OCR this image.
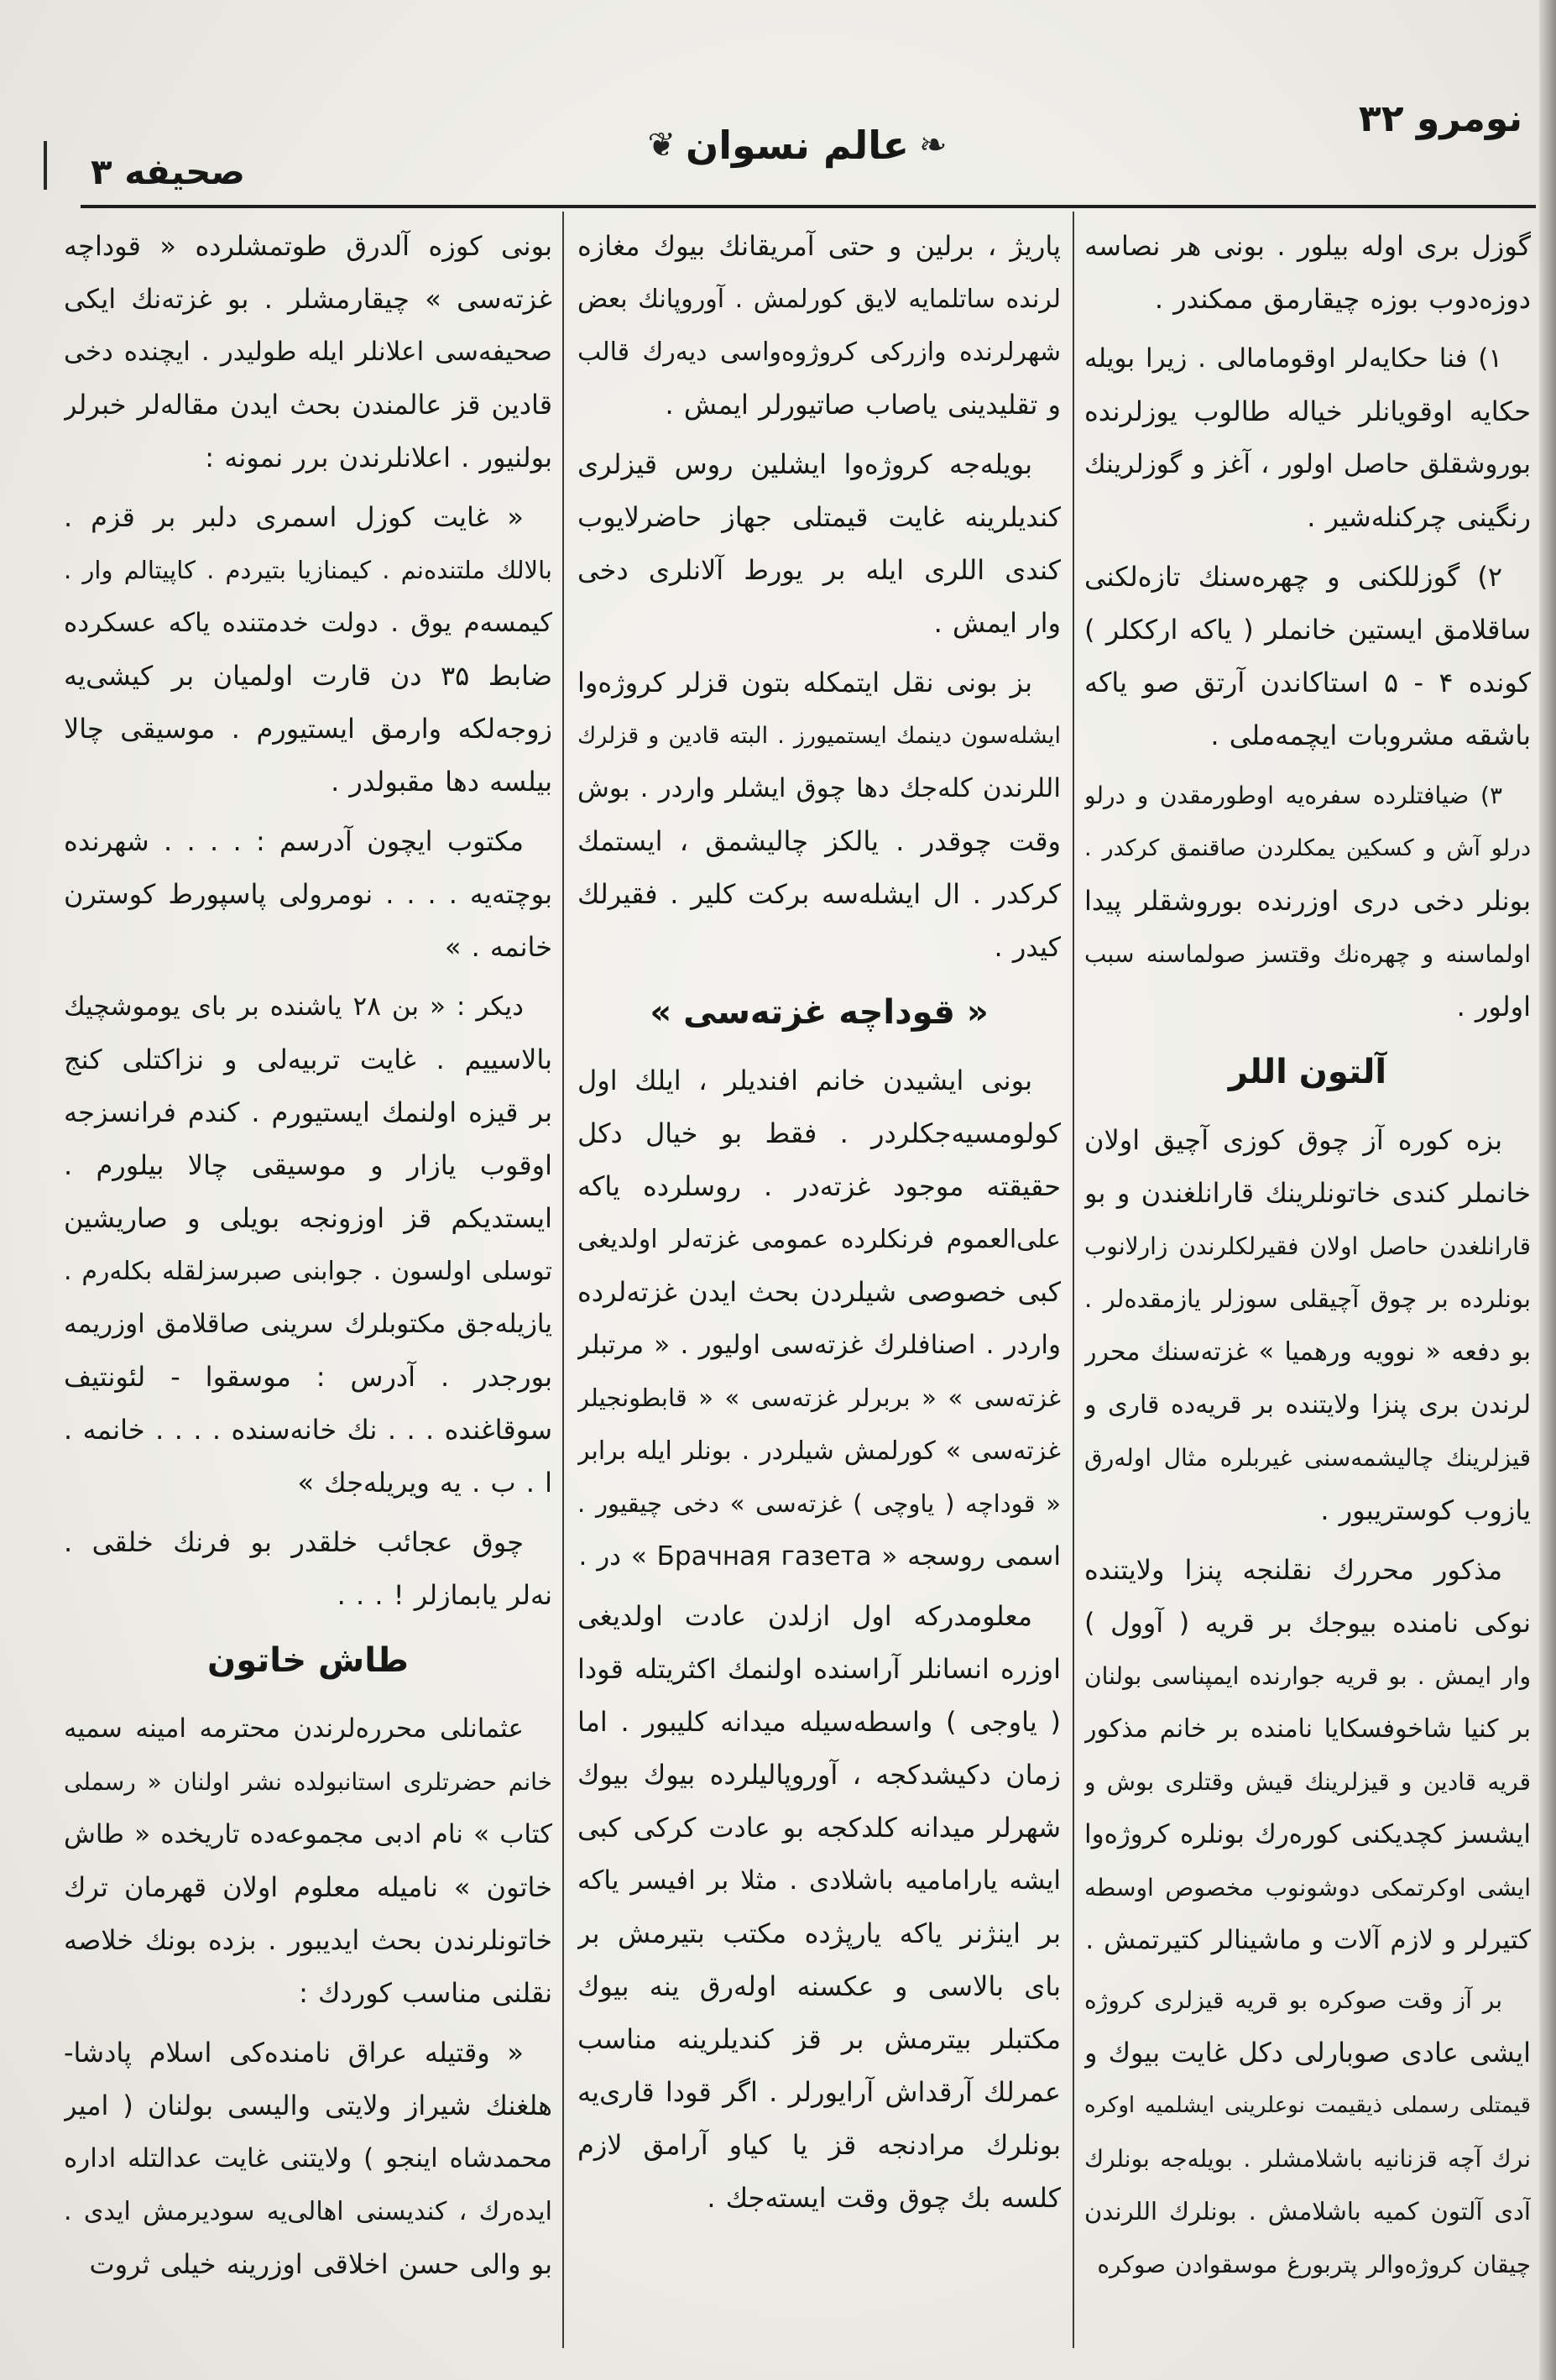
نومرو ۳۲
❦ عالم نسوان ❧
صحیفه ۳
گوزل بری اوله بیلور . بونی هر نصاسه
دوزه‌دوب بوزه چیقارمق ممکندر .
۱) فنا حکایه‌لر اوقومامالی . زیرا بویله
حکایه اوقویانلر خیاله طالوب یوزلرنده
بوروشقلق حاصل اولور ، آغز و گوزلرینك
رنگینی چرکنله‌شیر .
۲) گوزللکنی و چهره‌سنك تازه‌لکنی
ساقلامق ایستین خانملر ( یاکه ارککلر )
کونده ۴ - ۵ استاکاندن آرتق صو یاکه
باشقه مشروبات ایچمه‌ملی .
۳) ضیافتلرده سفره‌یه اوطورمقدن و درلو
درلو آش و کسکین یمکلردن صاقنمق کرکدر .
بونلر دخی دری اوزرنده بوروشقلر پیدا
اولماسنه و چهره‌نك وقتسز صولماسنه سبب
اولور .
آلتون اللر
بزه کوره آز چوق کوزی آچیق اولان
خانملر کندی خاتونلرینك قارانلغندن و بو
قارانلغدن حاصل اولان فقیرلکلرندن زارلانوب
بونلرده بر چوق آچیقلی سوزلر یازمقده‌لر .
بو دفعه « نوویه ورهمیا » غزته‌سنك محرر
لرندن بری پنزا ولایتنده بر قریه‌ده قاری و
قیزلرینك چالیشمه‌سنی غیربلره مثال اوله‌رق
یازوب کوستریبور .
مذکور محررك نقلنجه پنزا ولایتنده
نوکی نامنده بیوجك بر قریه ( آوول )
وار ایمش . بو قریه جوارنده ایمپناسی بولنان
بر کنیا شاخوفسکایا نامنده بر خانم مذکور
قریه قادین و قیزلرینك قیش وقتلری بوش و
ایشسز کچدیکنی کوره‌رك بونلره کروژه‌وا
ایشی اوکرتمکی دوشونوب مخصوص اوسطه
کتیرلر و لازم آلات و ماشینالر کتیرتمش .
بر آز وقت صوکره بو قریه قیزلری کروژه
ایشی عادی صوبارلی دکل غایت بیوك و
قیمتلی رسملی ذیقیمت نوعلرینی ایشلمیه اوکره
نرك آچه قزنانیه باشلامشلر . بویله‌جه بونلرك
آدی آلتون کمیه باشلامش . بونلرك اللرندن
چیقان کروژه‌والر پتربورغ موسقوادن صوکره
پاریژ ، برلین و حتی آمریقانك بیوك مغازه
لرنده ساتلمایه لایق کورلمش . آوروپانك بعض
شهرلرنده وازرکی کروژوه‌واسی دیه‌رك قالب
و تقلیدینی یاصاب صاتیورلر ایمش .
بویله‌جه کروژه‌وا ایشلین روس قیزلری
کندیلرینه غایت قیمتلی جهاز حاضرلایوب
کندی اللری ایله بر یورط آلانلری دخی
وار ایمش .
بز بونی نقل ایتمکله بتون قزلر کروژه‌وا
ایشله‌سون دینمك ایستمیورز . البته قادین و قزلرك
اللرندن کله‌جك دها چوق ایشلر واردر . بوش
وقت چوقدر . یالکز چالیشمق ، ایستمك
کرکدر . ال ایشله‌سه برکت کلیر . فقیرلك
کیدر .
« قوداچه غزته‌سی »
بونی ایشیدن خانم افندیلر ، ایلك اول
کولومسیه‌جکلردر . فقط بو خیال دکل
حقیقته موجود غزته‌در . روسلرده یاکه
علی‌العموم فرنکلرده عمومی غزته‌لر اولدیغی
کبی خصوصی شیلردن بحث ایدن غزته‌لرده
واردر . اصنافلرك غزته‌سی اولیور . « مرتبلر
غزته‌سی » « بربرلر غزته‌سی » « قابطونجیلر
غزته‌سی » کورلمش شیلردر . بونلر ایله برابر
« قوداچه ( یاوچی ) غزته‌سی » دخی چیقیور .
اسمی روسجه « Брачная газета » در .
معلومدرکه اول ازلدن عادت اولدیغی
اوزره انسانلر آراسنده اولنمك اکثریتله قودا
( یاوجی ) واسطه‌سیله میدانه کلیبور . اما
زمان دکیشدکجه ، آوروپالیلرده بیوك بیوك
شهرلر میدانه کلدکجه بو عادت کرکی کبی
ایشه یارامامیه باشلادی . مثلا بر افیسر یاکه
بر اینژنر یاکه یارپژده مکتب بتیرمش بر
بای بالاسی و عکسنه اوله‌رق ینه بیوك
مکتبلر بیترمش بر قز کندیلرینه مناسب
عمرلك آرقداش آرایورلر . اگر قودا قاری‌یه
بونلرك مرادنجه قز یا کیاو آرامق لازم
کلسه بك چوق وقت ایسته‌جك .
بونی کوزه آلدرق طوتمشلرده « قوداچه
غزته‌سی » چیقارمشلر . بو غزته‌نك ایکی
صحیفه‌سی اعلانلر ایله طولیدر . ایچنده دخی
قادین قز عالمندن بحث ایدن مقاله‌لر خبرلر
بولنیور . اعلانلرندن برر نمونه :
« غایت کوزل اسمری دلبر بر قزم .
بالالك ملتنده‌نم . کیمنازیا بتیردم . کاپیتالم وار .
کیمسه‌م یوق . دولت خدمتنده یاکه عسکرده
ضابط ۳۵ دن قارت اولمیان بر کیشی‌یه
زوجه‌لکه وارمق ایستیورم . موسیقی چالا
بیلسه دها مقبولدر .
مکتوب ایچون آدرسم : . . . . شهرنده
بوچته‌یه . . . . نومرولی پاسپورط کوسترن
خانمه . »
دیکر : « بن ۲۸ یاشنده بر بای یوموشچیك
بالاسییم . غایت تربیه‌لی و نزاکتلی کنج
بر قیزه اولنمك ایستیورم . کندم فرانسزجه
اوقوب یازار و موسیقی چالا بیلورم .
ایستدیکم قز اوزونجه بویلی و صاریشین
توسلی اولسون . جوابنی صبرسزلقله بکله‌رم .
یازیله‌جق مکتوبلرك سرینی صاقلامق اوزریمه
بورجدر . آدرس : موسقوا - لئونتیف
سوقاغنده . . . نك خانه‌سنده . . . . خانمه .
ا . ب . یه ویریله‌جك »
چوق عجائب خلقدر بو فرنك خلقی .
نه‌لر یابمازلر ! . . .
طاش خاتون
عثمانلی محرره‌لرندن محترمه امینه سمیه
خانم حضرتلری استانبولده نشر اولنان « رسملی
کتاب » نام ادبی مجموعه‌ده تاریخده « طاش
خاتون » نامیله معلوم اولان قهرمان ترك
خاتونلرندن بحث ایدیبور . بزده بونك خلاصه‌
نقلنی مناسب کوردك :
« وقتیله عراق نامنده‌کی اسلام پادشا-
هلغنك شیراز ولایتی والیسی بولنان ( امیر
محمدشاه اینجو ) ولایتنی غایت عدالتله اداره
ایده‌رك ، کندیسنی اهالی‌یه سودیرمش ایدی .
بو والی حسن اخلاقی اوزرینه خیلی ثروت
